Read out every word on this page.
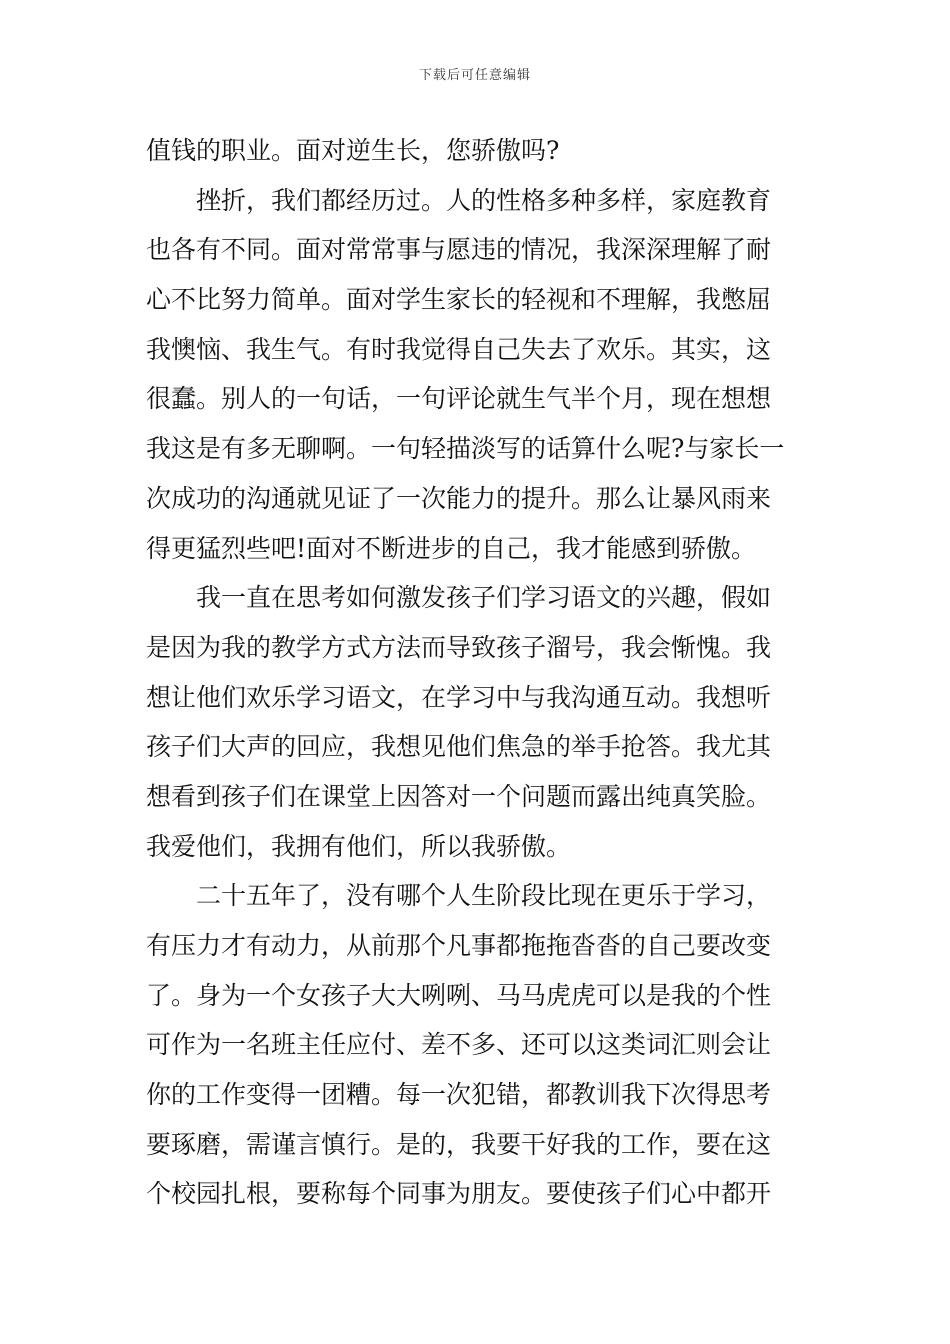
下载后可任意编辑
值钱的职业。面对逆生长，您骄傲吗?
挫折，我们都经历过。人的性格多种多样，家庭教育
也各有不同。面对常常事与愿违的情况，我深深理解了耐
心不比努力简单。面对学生家长的轻视和不理解，我憋屈
我懊恼、我生气。有时我觉得自己失去了欢乐。其实，这
很蠢。别人的一句话，一句评论就生气半个月，现在想想
我这是有多无聊啊。一句轻描淡写的话算什么呢?与家长一
次成功的沟通就见证了一次能力的提升。那么让暴风雨来
得更猛烈些吧!面对不断进步的自己，我才能感到骄傲。
我一直在思考如何激发孩子们学习语文的兴趣，假如
是因为我的教学方式方法而导致孩子溜号，我会惭愧。我
想让他们欢乐学习语文，在学习中与我沟通互动。我想听
孩子们大声的回应，我想见他们焦急的举手抢答。我尤其
想看到孩子们在课堂上因答对一个问题而露出纯真笑脸。
我爱他们，我拥有他们，所以我骄傲。
二十五年了，没有哪个人生阶段比现在更乐于学习，
有压力才有动力，从前那个凡事都拖拖沓沓的自己要改变
了。身为一个女孩子大大咧咧、马马虎虎可以是我的个性
可作为一名班主任应付、差不多、还可以这类词汇则会让
你的工作变得一团糟。每一次犯错，都教训我下次得思考
要琢磨，需谨言慎行。是的，我要干好我的工作，要在这
个校园扎根，要称每个同事为朋友。要使孩子们心中都开
